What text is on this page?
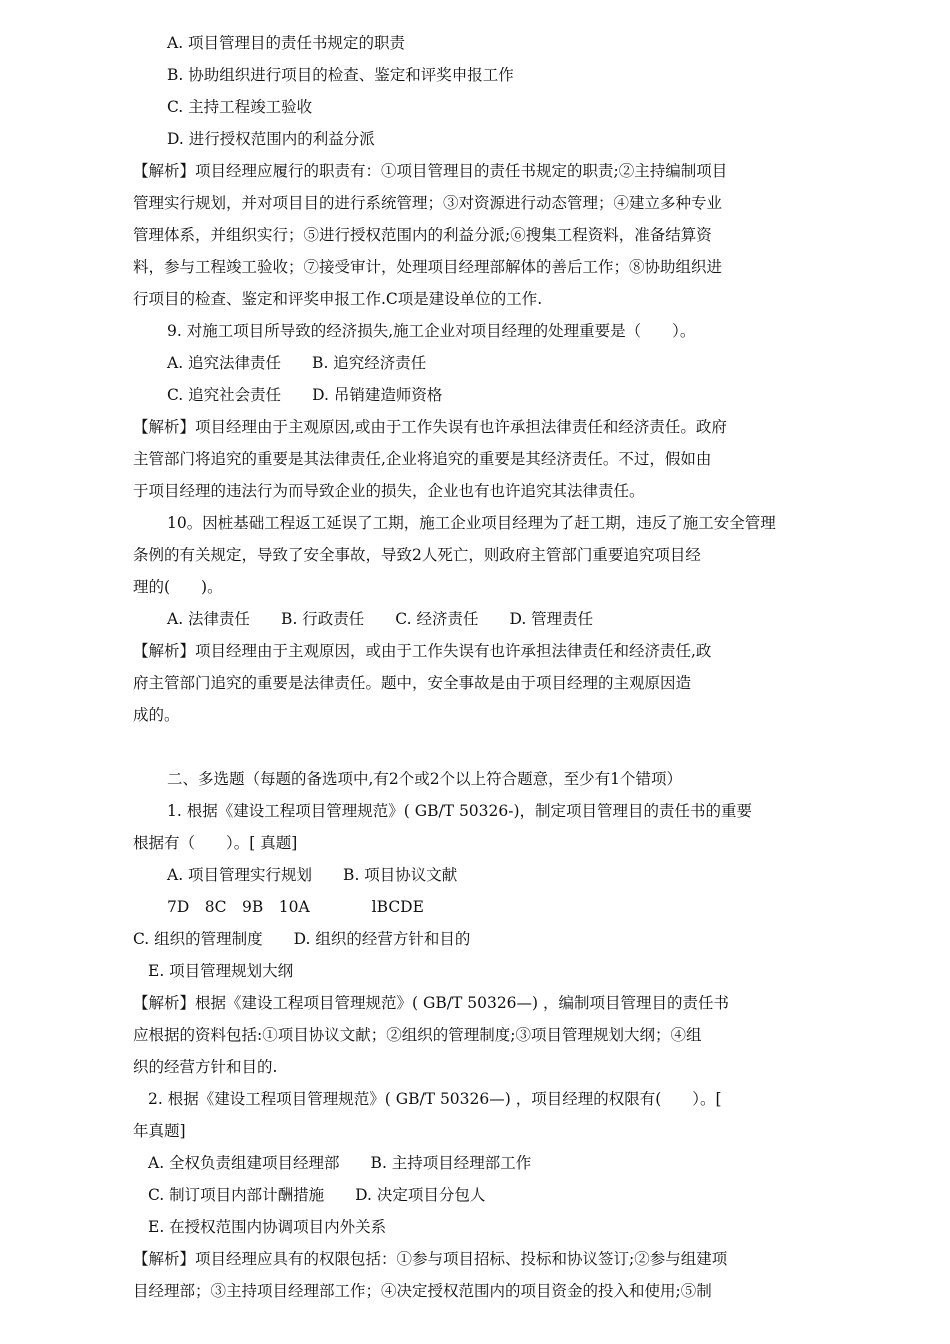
A. 项目管理目的责任书规定的职责
B. 协助组织进行项目的检查、鉴定和评奖申报工作
C. 主持工程竣工验收
D. 进行授权范围内的利益分派
【解析】项目经理应履行的职责有：①项目管理目的责任书规定的职责;②主持编制项目
管理实行规划，并对项目目的进行系统管理；③对资源进行动态管理；④建立多种专业
管理体系，并组织实行；⑤进行授权范围内的利益分派;⑥搜集工程资料，准备结算资
料，参与工程竣工验收；⑦接受审计，处理项目经理部解体的善后工作；⑧协助组织进
行项目的检查、鉴定和评奖申报工作.C项是建设单位的工作.
9. 对施工项目所导致的经济损失,施工企业对项目经理的处理重要是（　　）。
A. 追究法律责任　　B. 追究经济责任
C. 追究社会责任　　D. 吊销建造师资格
【解析】项目经理由于主观原因,或由于工作失误有也许承担法律责任和经济责任。政府
主管部门将追究的重要是其法律责任,企业将追究的重要是其经济责任。不过，假如由
于项目经理的违法行为而导致企业的损失，企业也有也许追究其法律责任。
10。因桩基础工程返工延误了工期，施工企业项目经理为了赶工期，违反了施工安全管理
条例的有关规定，导致了安全事故，导致2人死亡，则政府主管部门重要追究项目经
理的(　　)。
A. 法律责任　　B. 行政责任　　C. 经济责任　　D. 管理责任
【解析】项目经理由于主观原因，或由于工作失误有也许承担法律责任和经济责任,政
府主管部门追究的重要是法律责任。题中，安全事故是由于项目经理的主观原因造
成的。
二、多选题（每题的备选项中,有2个或2个以上符合题意，至少有1个错项）
1. 根据《建设工程项目管理规范》( GB/T 50326-)，制定项目管理目的责任书的重要
根据有（　　）。[ 真题]
A. 项目管理实行规划　　B. 项目协议文献
7D　8C　9B　10A　　　　lBCDE
C. 组织的管理制度　　D. 组织的经营方针和目的
E. 项目管理规划大纲
【解析】根据《建设工程项目管理规范》( GB/T 50326—) ，编制项目管理目的责任书
应根据的资料包括:①项目协议文献；②组织的管理制度;③项目管理规划大纲；④组
织的经营方针和目的.
2. 根据《建设工程项目管理规范》( GB/T 50326—) ，项目经理的权限有(　　）。[
年真题]
A. 全权负责组建项目经理部　　B. 主持项目经理部工作
C. 制订项目内部计酬措施　　D. 决定项目分包人
E. 在授权范围内协调项目内外关系
【解析】项目经理应具有的权限包括：①参与项目招标、投标和协议签订;②参与组建项
目经理部；③主持项目经理部工作；④决定授权范围内的项目资金的投入和使用;⑤制
